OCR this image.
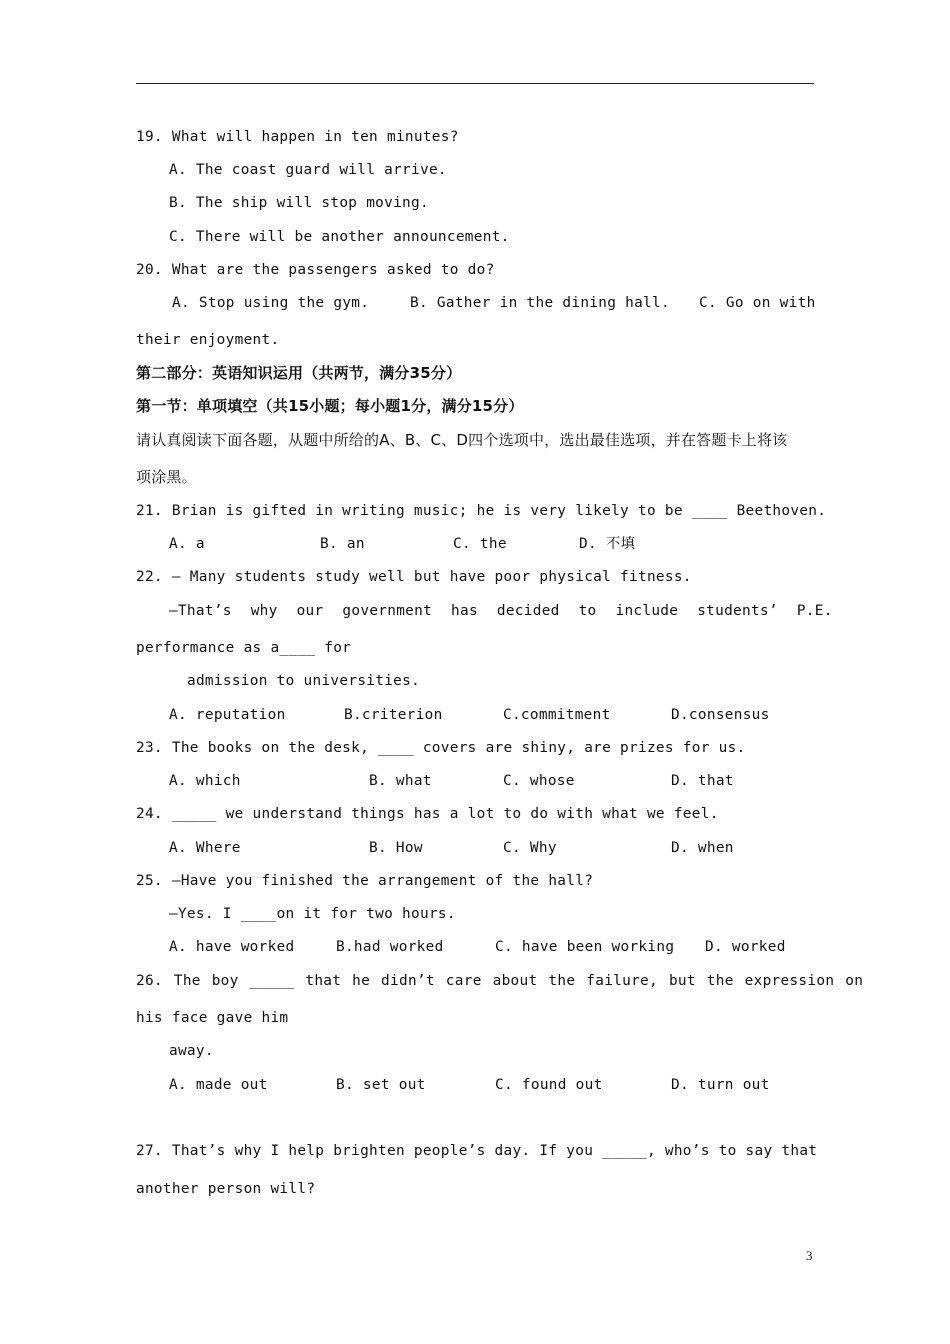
19. What will happen in ten minutes?
A. The coast guard will arrive.
B. The ship will stop moving.
C. There will be another announcement.
20. What are the passengers asked to do?
A. Stop using the gym.	B. Gather in the dining hall. C. Go on with
their enjoyment.
第二部分：英语知识运用（共两节，满分35分）
第一节：单项填空（共15小题；每小题1分，满分15分）
请认真阅读下面各题，从题中所给的A、B、C、D四个选项中，选出最佳选项，并在答题卡上将该
项涂黑。
21. Brian is gifted in writing music; he is very likely to be ____ Beethoven.
A. a	B. an	C. the	D. 不填
22. — Many students study well but have poor physical fitness.
—That’s why our government has decided to include students’ P.E.
performance as a____ for
admission to universities.
A. reputation	B.criterion	C.commitment	D.consensus
23. The books on the desk, ____ covers are shiny, are prizes for us.
A. which	B. what	C. whose	D. that
24. _____ we understand things has a lot to do with what we feel.
A. Where	B. How	C. Why	D. when
25. —Have you finished the arrangement of the hall?
—Yes. I ____on it for two hours.
A. have worked	B.had worked	C. have been working D. worked
26. The boy _____ that he didn’t care about the failure, but the expression on
his face gave him
away.
A. made out	B. set out	C. found out	D. turn out
27. That’s why I help brighten people’s day. If you _____, who’s to say that
another person will?
3
